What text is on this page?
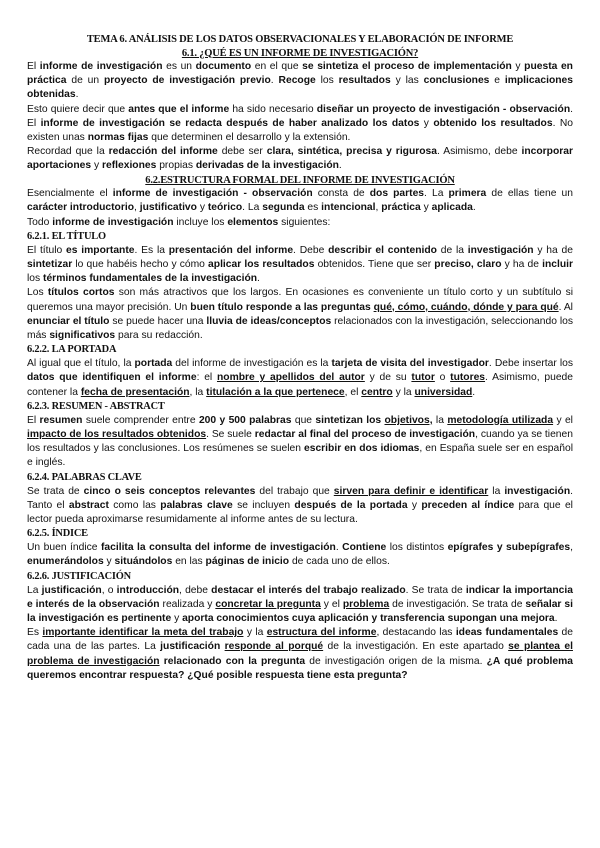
TEMA 6. ANÁLISIS DE LOS DATOS OBSERVACIONALES Y ELABORACIÓN DE INFORME
6.1. ¿QUÉ ES UN INFORME DE INVESTIGACIÓN?

El informe de investigación es un documento en el que se sintetiza el proceso de implementación y puesta en práctica de un proyecto de investigación previo. Recoge los resultados y las conclusiones e implicaciones obtenidas.

Esto quiere decir que antes que el informe ha sido necesario diseñar un proyecto de investigación - observación. El informe de investigación se redacta después de haber analizado los datos y obtenido los resultados. No existen unas normas fijas que determinen el desarrollo y la extensión.

Recordad que la redacción del informe debe ser clara, sintética, precisa y rigurosa. Asimismo, debe incorporar aportaciones y reflexiones propias derivadas de la investigación.

6.2.ESTRUCTURA FORMAL DEL INFORME DE INVESTIGACIÓN

Esencialmente el informe de investigación - observación consta de dos partes. La primera de ellas tiene un carácter introductorio, justificativo y teórico. La segunda es intencional, práctica y aplicada.

Todo informe de investigación incluye los elementos siguientes:

6.2.1. EL TÍTULO

El título es importante. Es la presentación del informe. Debe describir el contenido de la investigación y ha de sintetizar lo que habéis hecho y cómo aplicar los resultados obtenidos. Tiene que ser preciso, claro y ha de incluir los términos fundamentales de la investigación.

Los títulos cortos son más atractivos que los largos. En ocasiones es conveniente un título corto y un subtítulo si queremos una mayor precisión. Un buen título responde a las preguntas qué, cómo, cuándo, dónde y para qué. Al enunciar el título se puede hacer una lluvia de ideas/conceptos relacionados con la investigación, seleccionando los más significativos para su redacción.

6.2.2. LA PORTADA

Al igual que el título, la portada del informe de investigación es la tarjeta de visita del investigador. Debe insertar los datos que identifiquen el informe: el nombre y apellidos del autor y de su tutor o tutores. Asimismo, puede contener la fecha de presentación, la titulación a la que pertenece, el centro y la universidad.

6.2.3. RESUMEN - ABSTRACT

El resumen suele comprender entre 200 y 500 palabras que sintetizan los objetivos, la metodología utilizada y el impacto de los resultados obtenidos. Se suele redactar al final del proceso de investigación, cuando ya se tienen los resultados y las conclusiones. Los resúmenes se suelen escribir en dos idiomas, en España suele ser en español e inglés.

6.2.4. PALABRAS CLAVE

Se trata de cinco o seis conceptos relevantes del trabajo que sirven para definir e identificar la investigación. Tanto el abstract como las palabras clave se incluyen después de la portada y preceden al índice para que el lector pueda aproximarse resumidamente al informe antes de su lectura.

6.2.5. ÍNDICE

Un buen índice facilita la consulta del informe de investigación. Contiene los distintos epígrafes y subepígrafes, enumerándolos y situándolos en las páginas de inicio de cada uno de ellos.

6.2.6. JUSTIFICACIÓN

La justificación, o introducción, debe destacar el interés del trabajo realizado. Se trata de indicar la importancia e interés de la observación realizada y concretar la pregunta y el problema de investigación. Se trata de señalar si la investigación es pertinente y aporta conocimientos cuya aplicación y transferencia supongan una mejora.

Es importante identificar la meta del trabajo y la estructura del informe, destacando las ideas fundamentales de cada una de las partes. La justificación responde al porqué de la investigación. En este apartado se plantea el problema de investigación relacionado con la pregunta de investigación origen de la misma. ¿A qué problema queremos encontrar respuesta? ¿Qué posible respuesta tiene esta pregunta?
